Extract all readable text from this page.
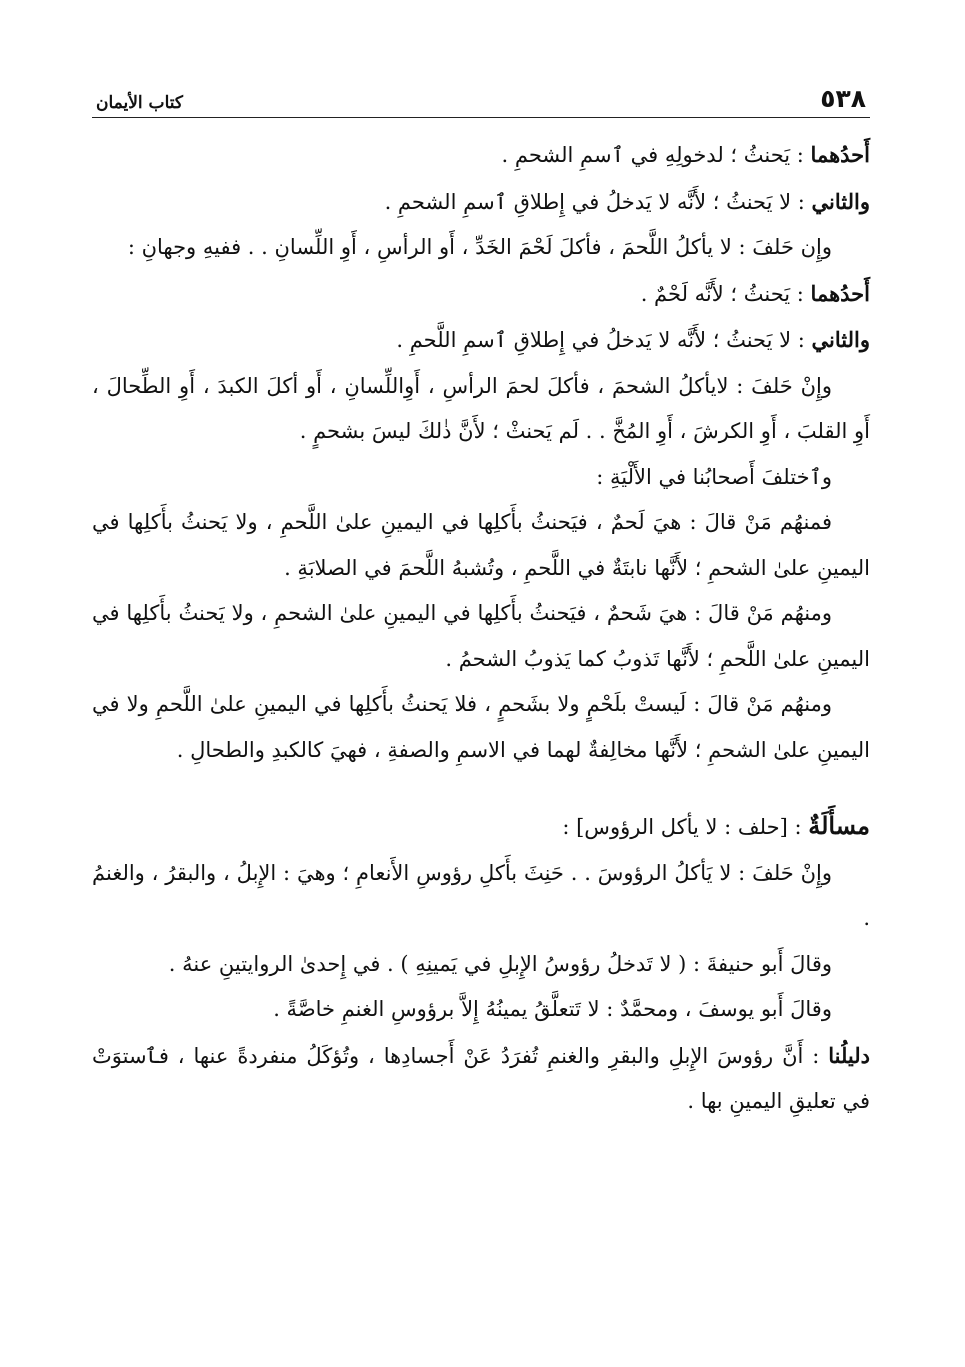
٥٣٨
كتاب الأيمان

أَحدُهما : يَحنثُ ؛ لدخولِهِ في ٱسمِ الشحمِ .

والثاني : لا يَحنثُ ؛ لأَنَّه لا يَدخلُ في إِطلاقِ ٱسمِ الشحمِ .

وإِن حَلفَ : لا يأكلُ اللَّحمَ ، فأكلَ لَحْمَ الخَدِّ ، أَو الرأسِ ، أَوِ اللِّسانِ . . ففيهِ وجهانِ :

أَحدُهما : يَحنثُ ؛ لأَنَّه لَحْمٌ .

والثاني : لا يَحنثُ ؛ لأَنَّه لا يَدخلُ في إِطلاقِ ٱسمِ اللَّحمِ .

وإِنْ حَلفَ : لايأكلُ الشحمَ ، فأكلَ لحمَ الرأسِ ، أَوِاللِّسانِ ، أَو أكلَ الكبدَ ، أَوِ الطِّحالَ ، أَوِ القلبَ ، أَوِ الكرشَ ، أَوِ المُخَّ . . لَم يَحنثْ ؛ لأَنَّ ذٰلكَ ليسَ بشحمٍ .

وٱختلفَ أَصحابُنا في الأَلْيَةِ :

فمنهُم مَنْ قالَ : هيَ لَحمٌ ، فيَحنثُ بأَكلِها في اليمينِ علىٰ اللَّحمِ ، ولا يَحنثُ بأَكلِها في اليمينِ علىٰ الشحمِ ؛ لأَنَّها نابتَةٌ في اللَّحمِ ، وتُشبهُ اللَّحمَ في الصلابَةِ .

ومنهُم مَنْ قالَ : هيَ شَحمٌ ، فيَحنثُ بأَكلِها في اليمينِ علىٰ الشحمِ ، ولا يَحنثُ بأَكلِها في اليمينِ علىٰ اللَّحمِ ؛ لأَنَّها تَذوبُ كما يَذوبُ الشحمُ .

ومنهُم مَنْ قالَ : لَيستْ بلَحْمٍ ولا بشَحمٍ ، فلا يَحنثُ بأَكلِها في اليمينِ علىٰ اللَّحمِ ولا في اليمينِ علىٰ الشحمِ ؛ لأَنَّها مخالِفةٌ لهما في الاسمِ والصفةِ ، فهيَ كالكبدِ والطحالِ .

مسأَلَةٌ : [حلف : لا يأكل الرؤوس] :

وإِنْ حَلفَ : لا يَأكلُ الرؤوسَ . . حَنِثَ بأَكلِ رؤوسِ الأَنعامِ ؛ وهيَ : الإِبلُ ، والبقرُ ، والغنمُ .

وقالَ أَبو حنيفةَ : ( لا تَدخلُ رؤوسُ الإِبلِ في يَمينِهِ ) . في إِحدىٰ الروايتينِ عنهُ .

وقالَ أَبو يوسفَ ، ومحمَّدٌ : لا تَتعلَّقُ يمينُهُ إِلاَّ برؤوسِ الغنمِ خاصَّةً .

دليلُنا : أَنَّ رؤوسَ الإِبلِ والبقرِ والغنمِ تُفرَدُ عَنْ أَجسادِها ، وتُؤكَلُ منفردةً عنها ، فٱستوَتْ في تعليقِ اليمينِ بها .
